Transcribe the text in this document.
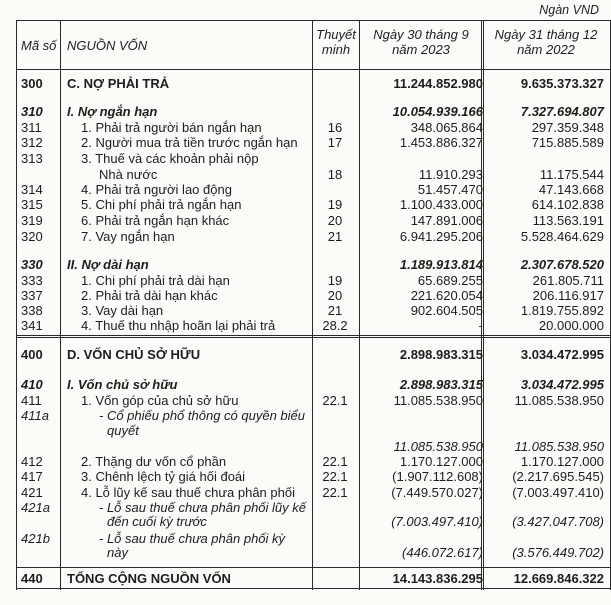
Ngàn VND
Mã số NGUỒN VỐN
Thuyết
minh
Ngày 30 tháng 9
năm 2023
Ngày 31 tháng 12
năm 2022
300	C. NỢ PHẢI TRẢ	11.244.852.980	9.635.373.327
310	I. Nợ ngắn hạn	10.054.939.166	7.327.694.807
311	1. Phải trả người bán ngắn hạn	16	348.065.864	297.359.348
312	2. Người mua trả tiền trước ngắn hạn	17	1.453.886.327	715.885.589
313	3. Thuế và các khoản phải nộp
Nhà nước	18	11.910.293	11.175.544
314	4. Phải trả người lao động	51.457.470	47.143.668
315	5. Chi phí phải trả ngắn hạn	19	1.100.433.000	614.102.838
319	6. Phải trả ngắn hạn khác	20	147.891.006	113.563.191
320	7. Vay ngắn hạn	21	6.941.295.206	5.528.464.629
330	II. Nợ dài hạn	1.189.913.814	2.307.678.520
333	1. Chi phí phải trả dài hạn	19	65.689.255	261.805.711
337	2. Phải trả dài hạn khác	20	221.620.054	206.116.917
338	3. Vay dài hạn	21	902.604.505	1.819.755.892
341	4. Thuế thu nhập hoãn lại phải trả	28.2	-	20.000.000
400	D. VỐN CHỦ SỞ HỮU	2.898.983.315	3.034.472.995
410	I. Vốn chủ sở hữu	2.898.983.315	3.034.472.995
411	1. Vốn góp của chủ sở hữu	22.1	11.085.538.950 11.085.538.950
411a	- Cổ phiếu phổ thông có quyền biểu
quyết
11.085.538.950 11.085.538.950
412	2. Thặng dư vốn cổ phần	22.1	1.170.127.000	1.170.127.000
417	3. Chênh lệch tỷ giá hối đoái	22.1	(1.907.112.608) (2.217.695.545)
421	4. Lỗ lũy kế sau thuế chưa phân phối	22.1	(7.449.570.027) (7.003.497.410)
421a	- Lỗ sau thuế chưa phân phối lũy kế
đến cuối kỳ trước	(7.003.497.410) (3.427.047.708)
421b	- Lỗ sau thuế chưa phân phối kỳ
này	(446.072.617) (3.576.449.702)
440	TỔNG CỘNG NGUỒN VỐN	14.143.836.295 12.669.846.322
